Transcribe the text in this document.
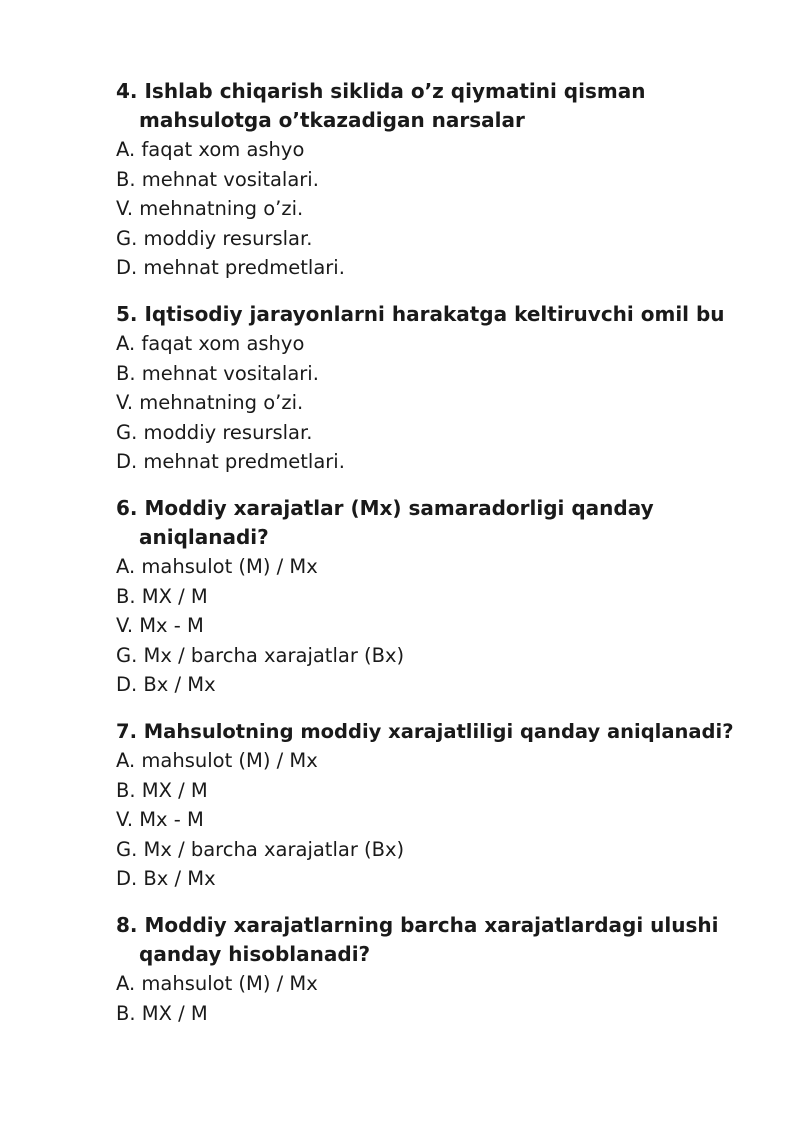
4. Ishlab chiqarish siklida o’z qiymatini qisman mahsulotga o’tkazadigan narsalar

A. faqat xom ashyo
B. mehnat vositalari.
V. mehnatning o’zi.
G. moddiy resurslar.
D. mehnat predmetlari.

5. Iqtisodiy jarayonlarni harakatga keltiruvchi omil bu

A. faqat xom ashyo
B. mehnat vositalari.
V. mehnatning o’zi.
G. moddiy resurslar.
D. mehnat predmetlari.

6. Moddiy xarajatlar (Mx) samaradorligi qanday aniqlanadi?

A. mahsulot (M) / Mx
B. MX / M
V. Mx - M
G. Mx / barcha xarajatlar (Bx)
D. Bx / Mx

7. Mahsulotning moddiy xarajatliligi qanday aniqlanadi?

A. mahsulot (M) / Mx
B. MX / M
V. Mx - M
G. Mx / barcha xarajatlar (Bx)
D. Bx / Mx

8. Moddiy xarajatlarning barcha xarajatlardagi ulushi qanday hisoblanadi?

A. mahsulot (M) / Mx
B. MX / M
